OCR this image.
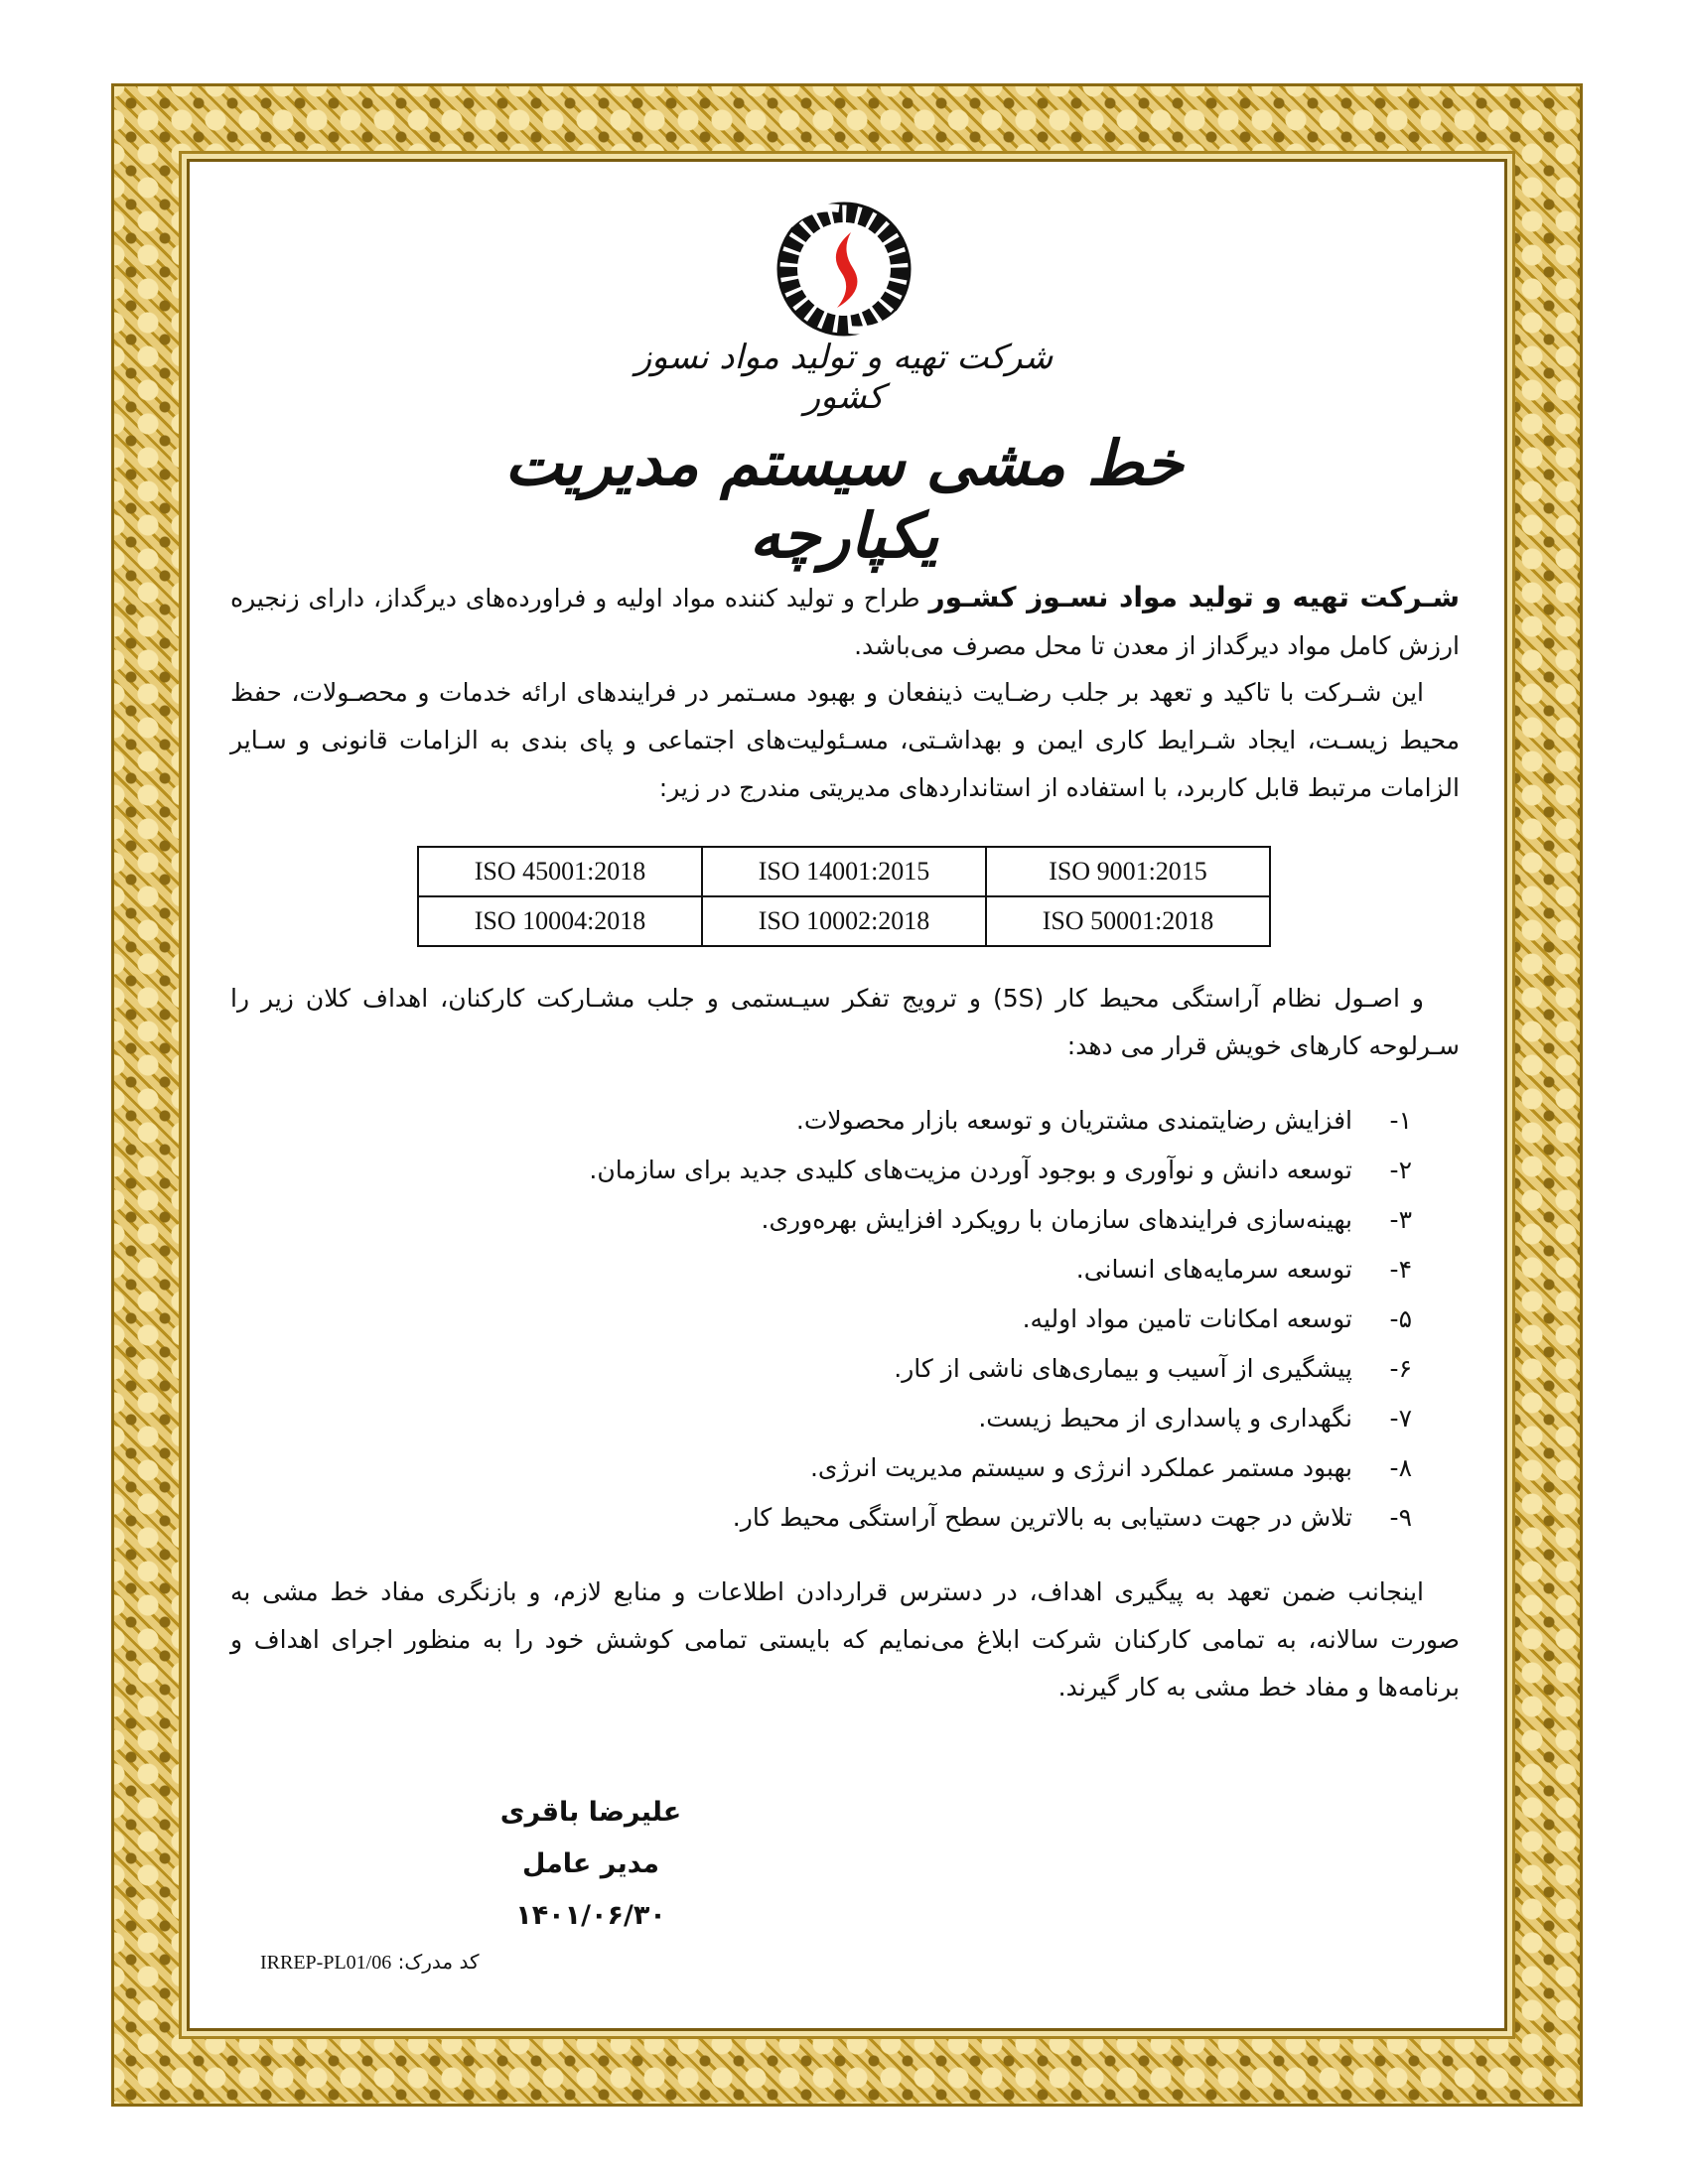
شرکت تهیه و تولید مواد نسوز کشور
خط مشی سیستم مدیریت یکپارچه
شـرکت تهیه و تولید مواد نسـوز کشـور طراح و تولید کننده مواد اولیه و فراورده‌های دیرگداز، دارای زنجیره ارزش کامل مواد دیرگداز از معدن تا محل مصرف می‌باشد.
این شـرکت با تاکید و تعهد بر جلب رضـایت ذینفعان و بهبود مسـتمر در فرایندهای ارائه خدمات و محصـولات، حفظ محیط زیسـت، ایجاد شـرایط کاری ایمن و بهداشـتی، مسـئولیت‌های اجتماعی و پای بندی به الزامات قانونی و سـایر الزامات مرتبط قابل کاربرد، با استفاده از استانداردهای مدیریتی مندرج در زیر:
ISO 45001:2018	ISO 14001:2015	ISO 9001:2015
ISO 10004:2018	ISO 10002:2018	ISO 50001:2018
و اصـول نظام آراستگی محیط کار (5S) و ترویج تفکر سیـستمی و جلب مشـارکت کارکنان، اهداف کلان زیر را سـرلوحه کارهای خویش قرار می دهد:
۱-
افزایش رضایتمندی مشتریان و توسعه بازار محصولات.
۲-
توسعه دانش و نوآوری و بوجود آوردن مزیت‌های کلیدی جدید برای سازمان.
۳-
بهینه‌سازی فرایندهای سازمان با رویکرد افزایش بهره‌وری.
۴-
توسعه سرمایه‌های انسانی.
۵-
توسعه امکانات تامین مواد اولیه.
۶-
پیشگیری از آسیب و بیماری‌های ناشی از کار.
۷-
نگهداری و پاسداری از محیط زیست.
۸-
بهبود مستمر عملکرد انرژی و سیستم مدیریت انرژی.
۹-
تلاش در جهت دستیابی به بالاترین سطح آراستگی محیط کار.
اینجانب ضمن تعهد به پیگیری اهداف، در دسترس قراردادن اطلاعات و منابع لازم، و بازنگری مفاد خط مشی به صورت سالانه، به تمامی کارکنان شرکت ابلاغ می‌نمایم که بایستی تمامی کوشش خود را به منظور اجرای اهداف و برنامه‌ها و مفاد خط مشی به کار گیرند.
علیرضا باقری
مدیر عامل
۱۴۰۱/۰۶/۳۰
کد مدرک: IRREP-PL01/06
